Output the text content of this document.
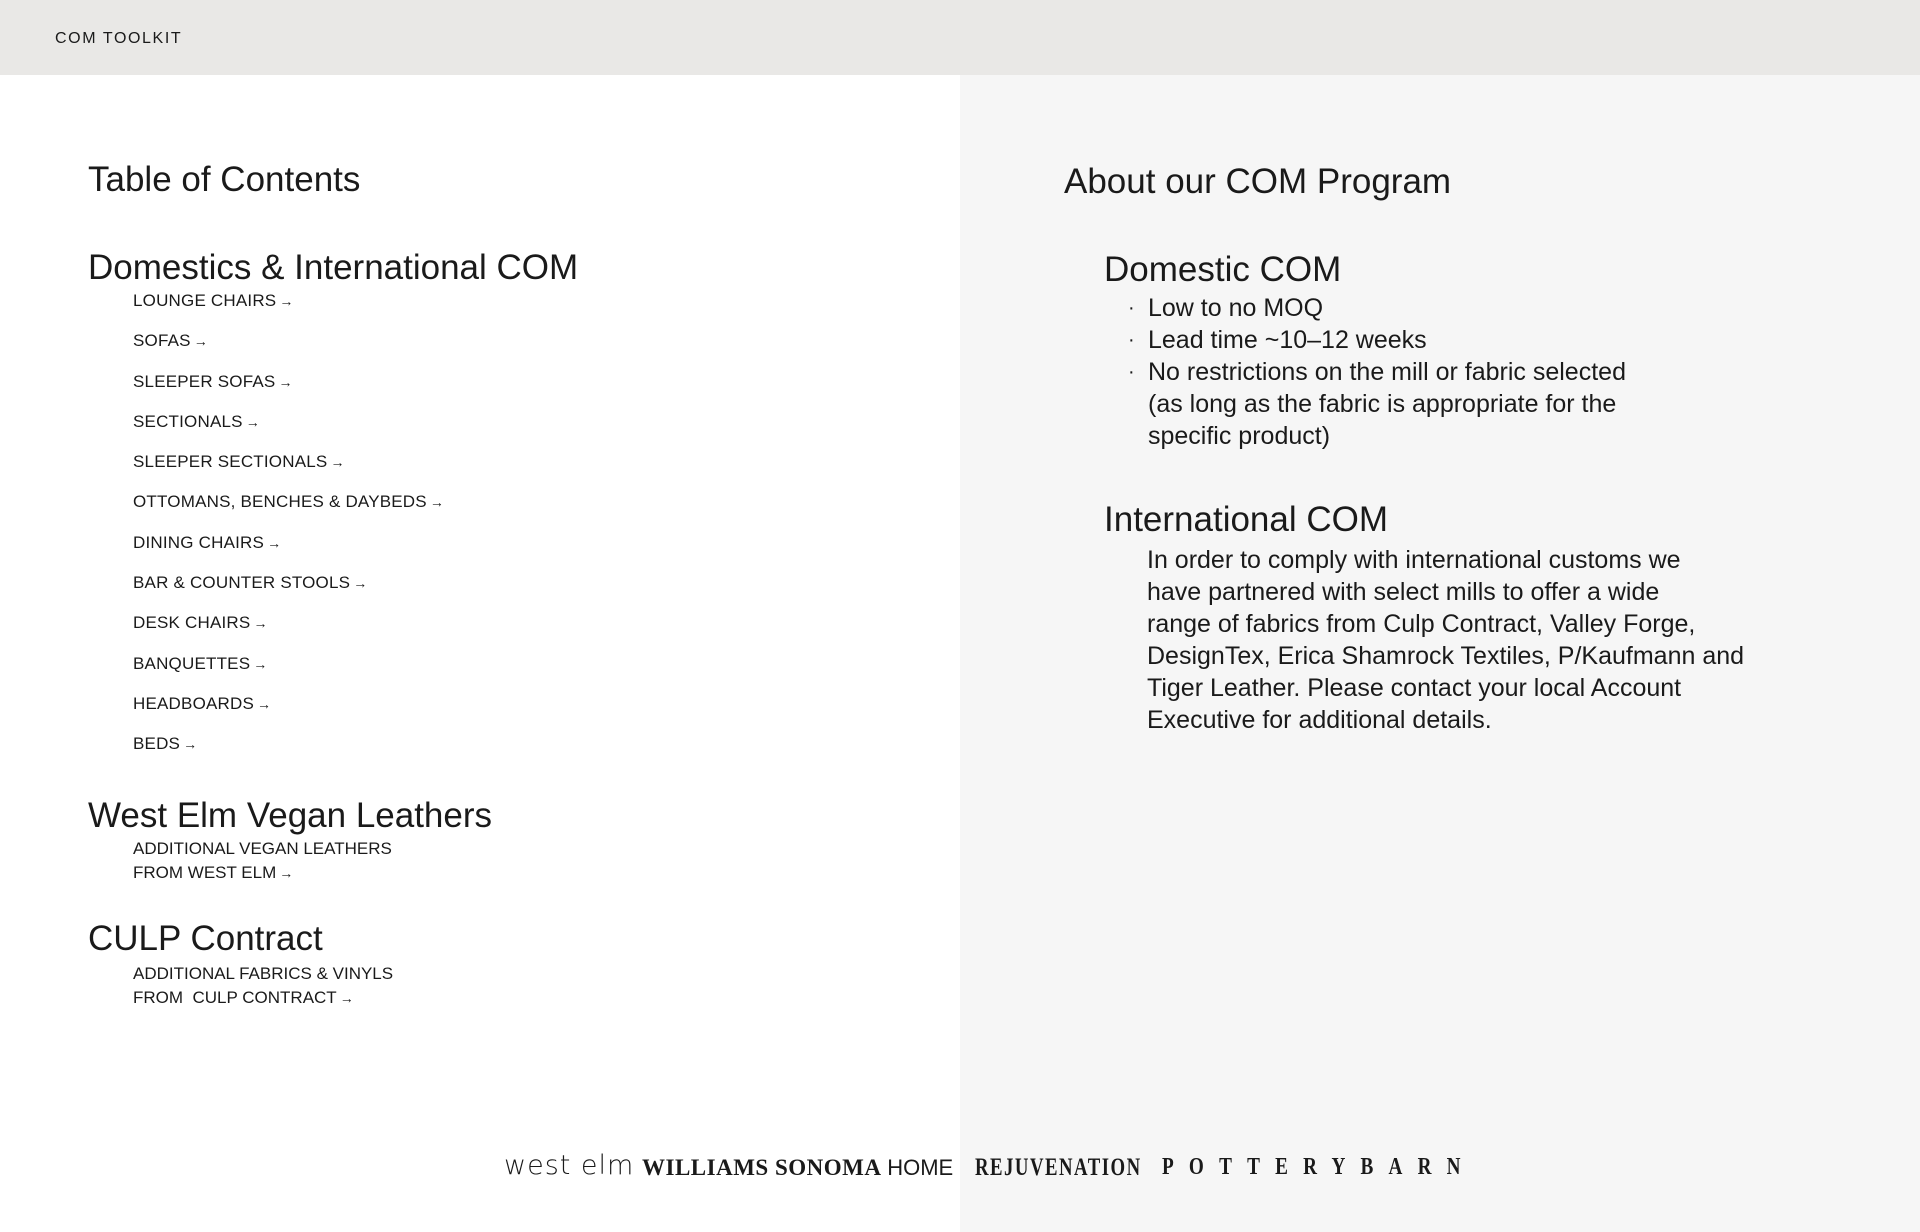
COM TOOLKIT
Table of Contents
Domestics & International COM
LOUNGE CHAIRS →
SOFAS →
SLEEPER SOFAS →
SECTIONALS →
SLEEPER SECTIONALS →
OTTOMANS, BENCHES & DAYBEDS →
DINING CHAIRS →
BAR & COUNTER STOOLS →
DESK CHAIRS →
BANQUETTES →
HEADBOARDS →
BEDS →
West Elm Vegan Leathers
ADDITIONAL VEGAN LEATHERS
FROM WEST ELM →
CULP Contract
ADDITIONAL FABRICS & VINYLS
FROM  CULP CONTRACT →
About our COM Program
Domestic COM
· Low to no MOQ
· Lead time ~10–12 weeks
· No restrictions on the mill or fabric selected
(as long as the fabric is appropriate for the
specific product)
International COM

In order to comply with international customs we

have partnered with select mills to offer a wide

range of fabrics from Culp Contract, Valley Forge,

DesignTex, Erica Shamrock Textiles, P/Kaufmann and

Tiger Leather. Please contact your local Account

Executive for additional details.

west elm WILLIAMS SONOMA HOME REJUVENATION POTTERYBARN
